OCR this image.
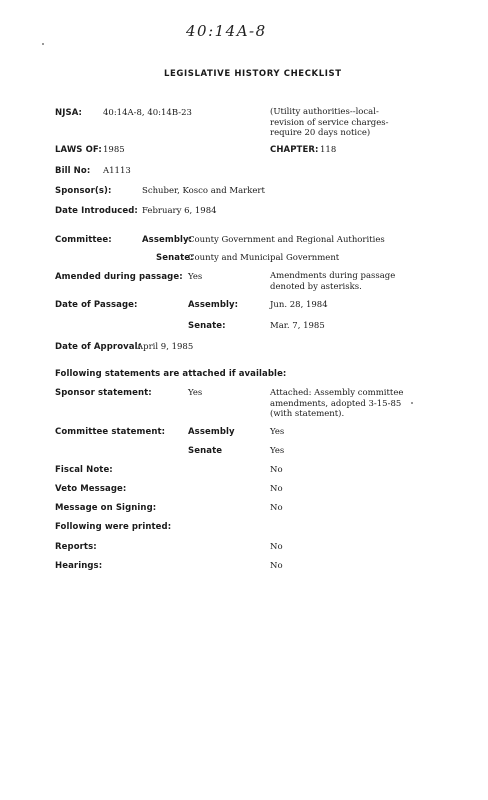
40:14A-8
LEGISLATIVE HISTORY CHECKLIST
NJSA: 40:14A-8, 40:14B-23	(Utility authorities--local-
revision of service charges-
require 20 days notice)
LAWS OF: 1985	CHAPTER: 118
Bill No: A1113
Sponsor(s):	Schuber, Kosco and Markert
Date Introduced: February 6, 1984
Committee:	Assembly:
County Government and Regional Authorities
Senate:
County and Municipal Government
Amended during passage: Yes	Amendments during passage
denoted by asterisks.
Date of Passage:	Assembly:	Jun. 28, 1984
Senate:	Mar. 7, 1985
Date of Approval:
April 9, 1985
Following statements are attached if available:
Sponsor statement:	Yes	Attached: Assembly committee
amendments, adopted 3-15-85
(with statement).
Committee statement:	Assembly	Yes
Senate	Yes
Fiscal Note:	No
Veto Message:	No
Message on Signing:	No
Following were printed:
Reports:	No
Hearings:	No
